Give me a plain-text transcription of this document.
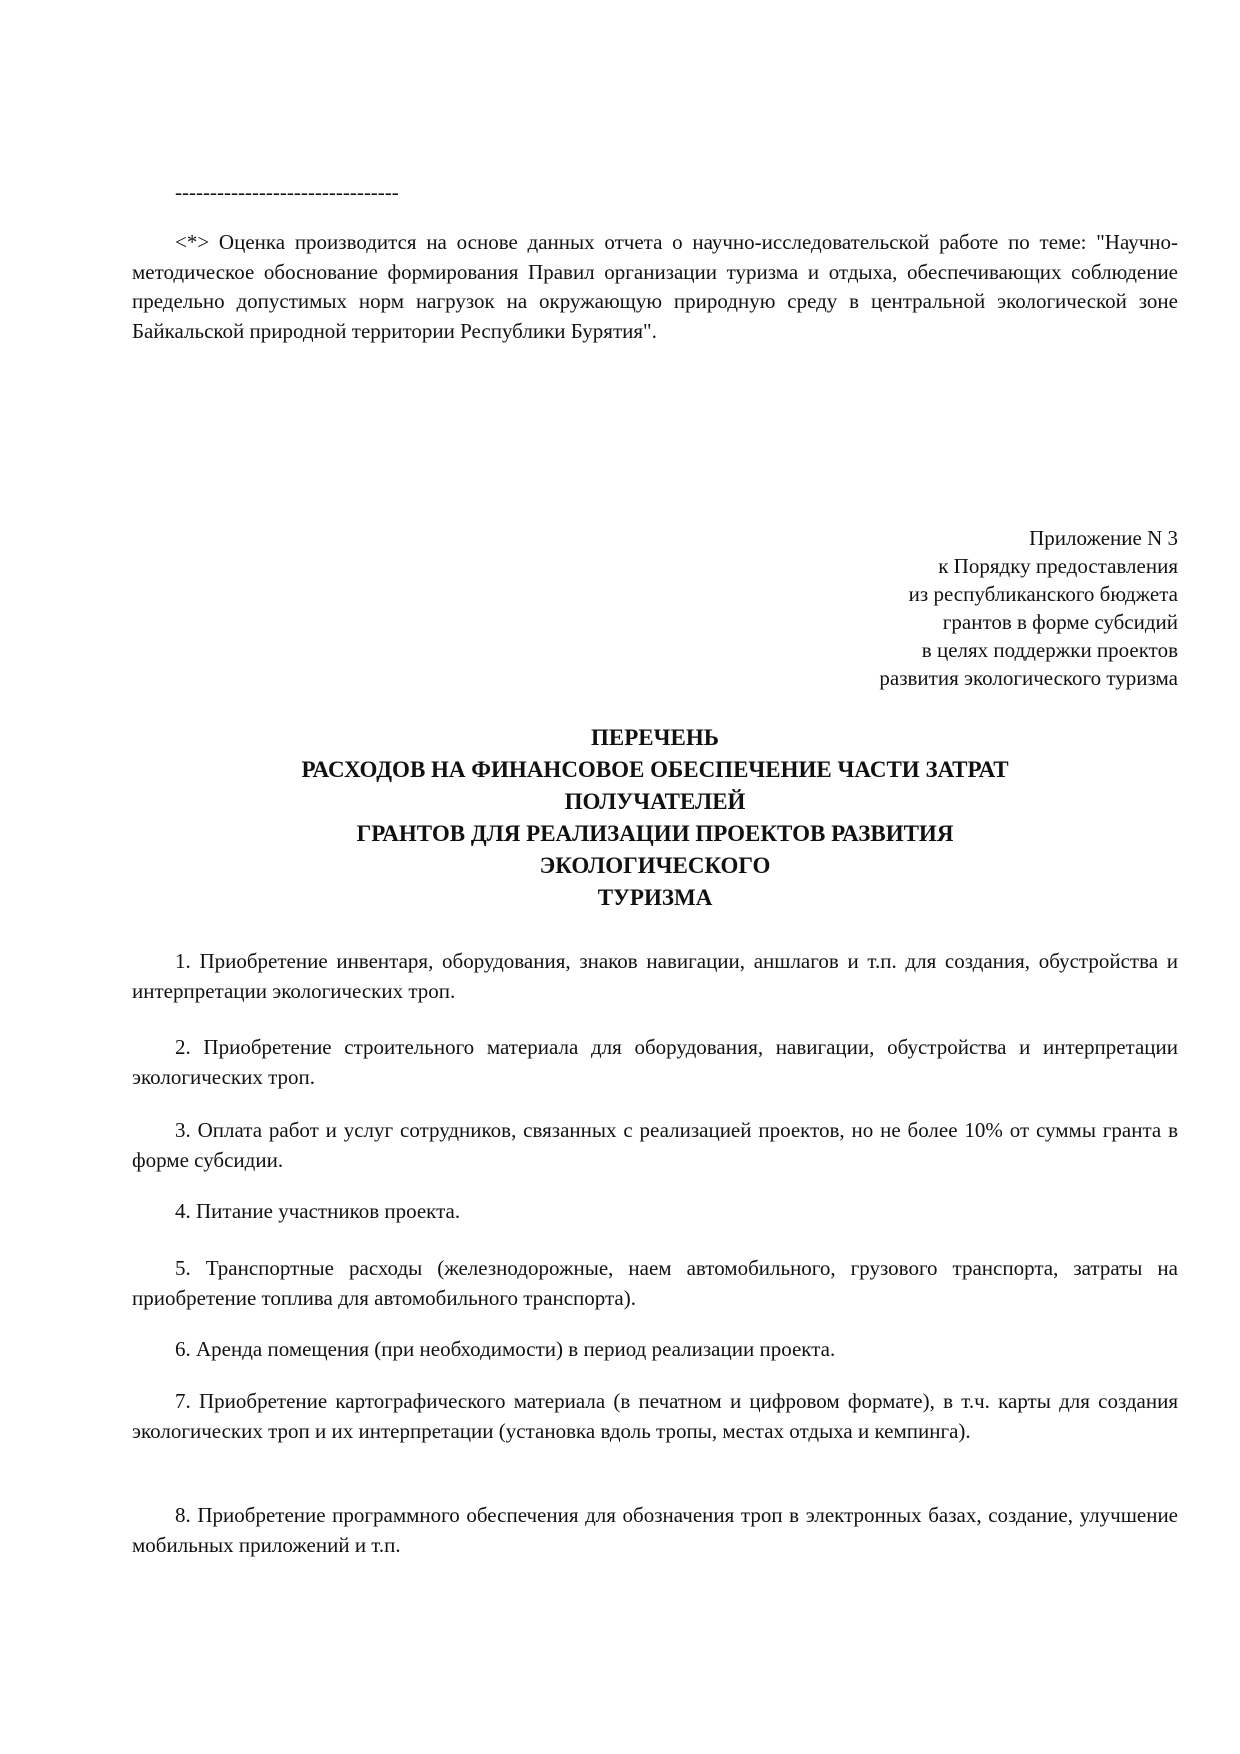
--------------------------------

<*> Оценка производится на основе данных отчета о научно-исследовательской работе по теме: "Научно-методическое обоснование формирования Правил организации туризма и отдыха, обеспечивающих соблюдение предельно допустимых норм нагрузок на окружающую природную среду в центральной экологической зоне Байкальской природной территории Республики Бурятия".

Приложение N 3
к Порядку предоставления
из республиканского бюджета
грантов в форме субсидий
в целях поддержки проектов
развития экологического туризма
ПЕРЕЧЕНЬ
РАСХОДОВ НА ФИНАНСОВОЕ ОБЕСПЕЧЕНИЕ ЧАСТИ ЗАТРАТ
ПОЛУЧАТЕЛЕЙ
ГРАНТОВ ДЛЯ РЕАЛИЗАЦИИ ПРОЕКТОВ РАЗВИТИЯ
ЭКОЛОГИЧЕСКОГО
ТУРИЗМА

1. Приобретение инвентаря, оборудования, знаков навигации, аншлагов и т.п. для создания, обустройства и интерпретации экологических троп.

2. Приобретение строительного материала для оборудования, навигации, обустройства и интерпретации экологических троп.

3. Оплата работ и услуг сотрудников, связанных с реализацией проектов, но не более 10% от суммы гранта в форме субсидии.

4. Питание участников проекта.

5. Транспортные расходы (железнодорожные, наем автомобильного, грузового транспорта, затраты на приобретение топлива для автомобильного транспорта).

6. Аренда помещения (при необходимости) в период реализации проекта.

7. Приобретение картографического материала (в печатном и цифровом формате), в т.ч. карты для создания экологических троп и их интерпретации (установка вдоль тропы, местах отдыха и кемпинга).

8. Приобретение программного обеспечения для обозначения троп в электронных базах, создание, улучшение мобильных приложений и т.п.
